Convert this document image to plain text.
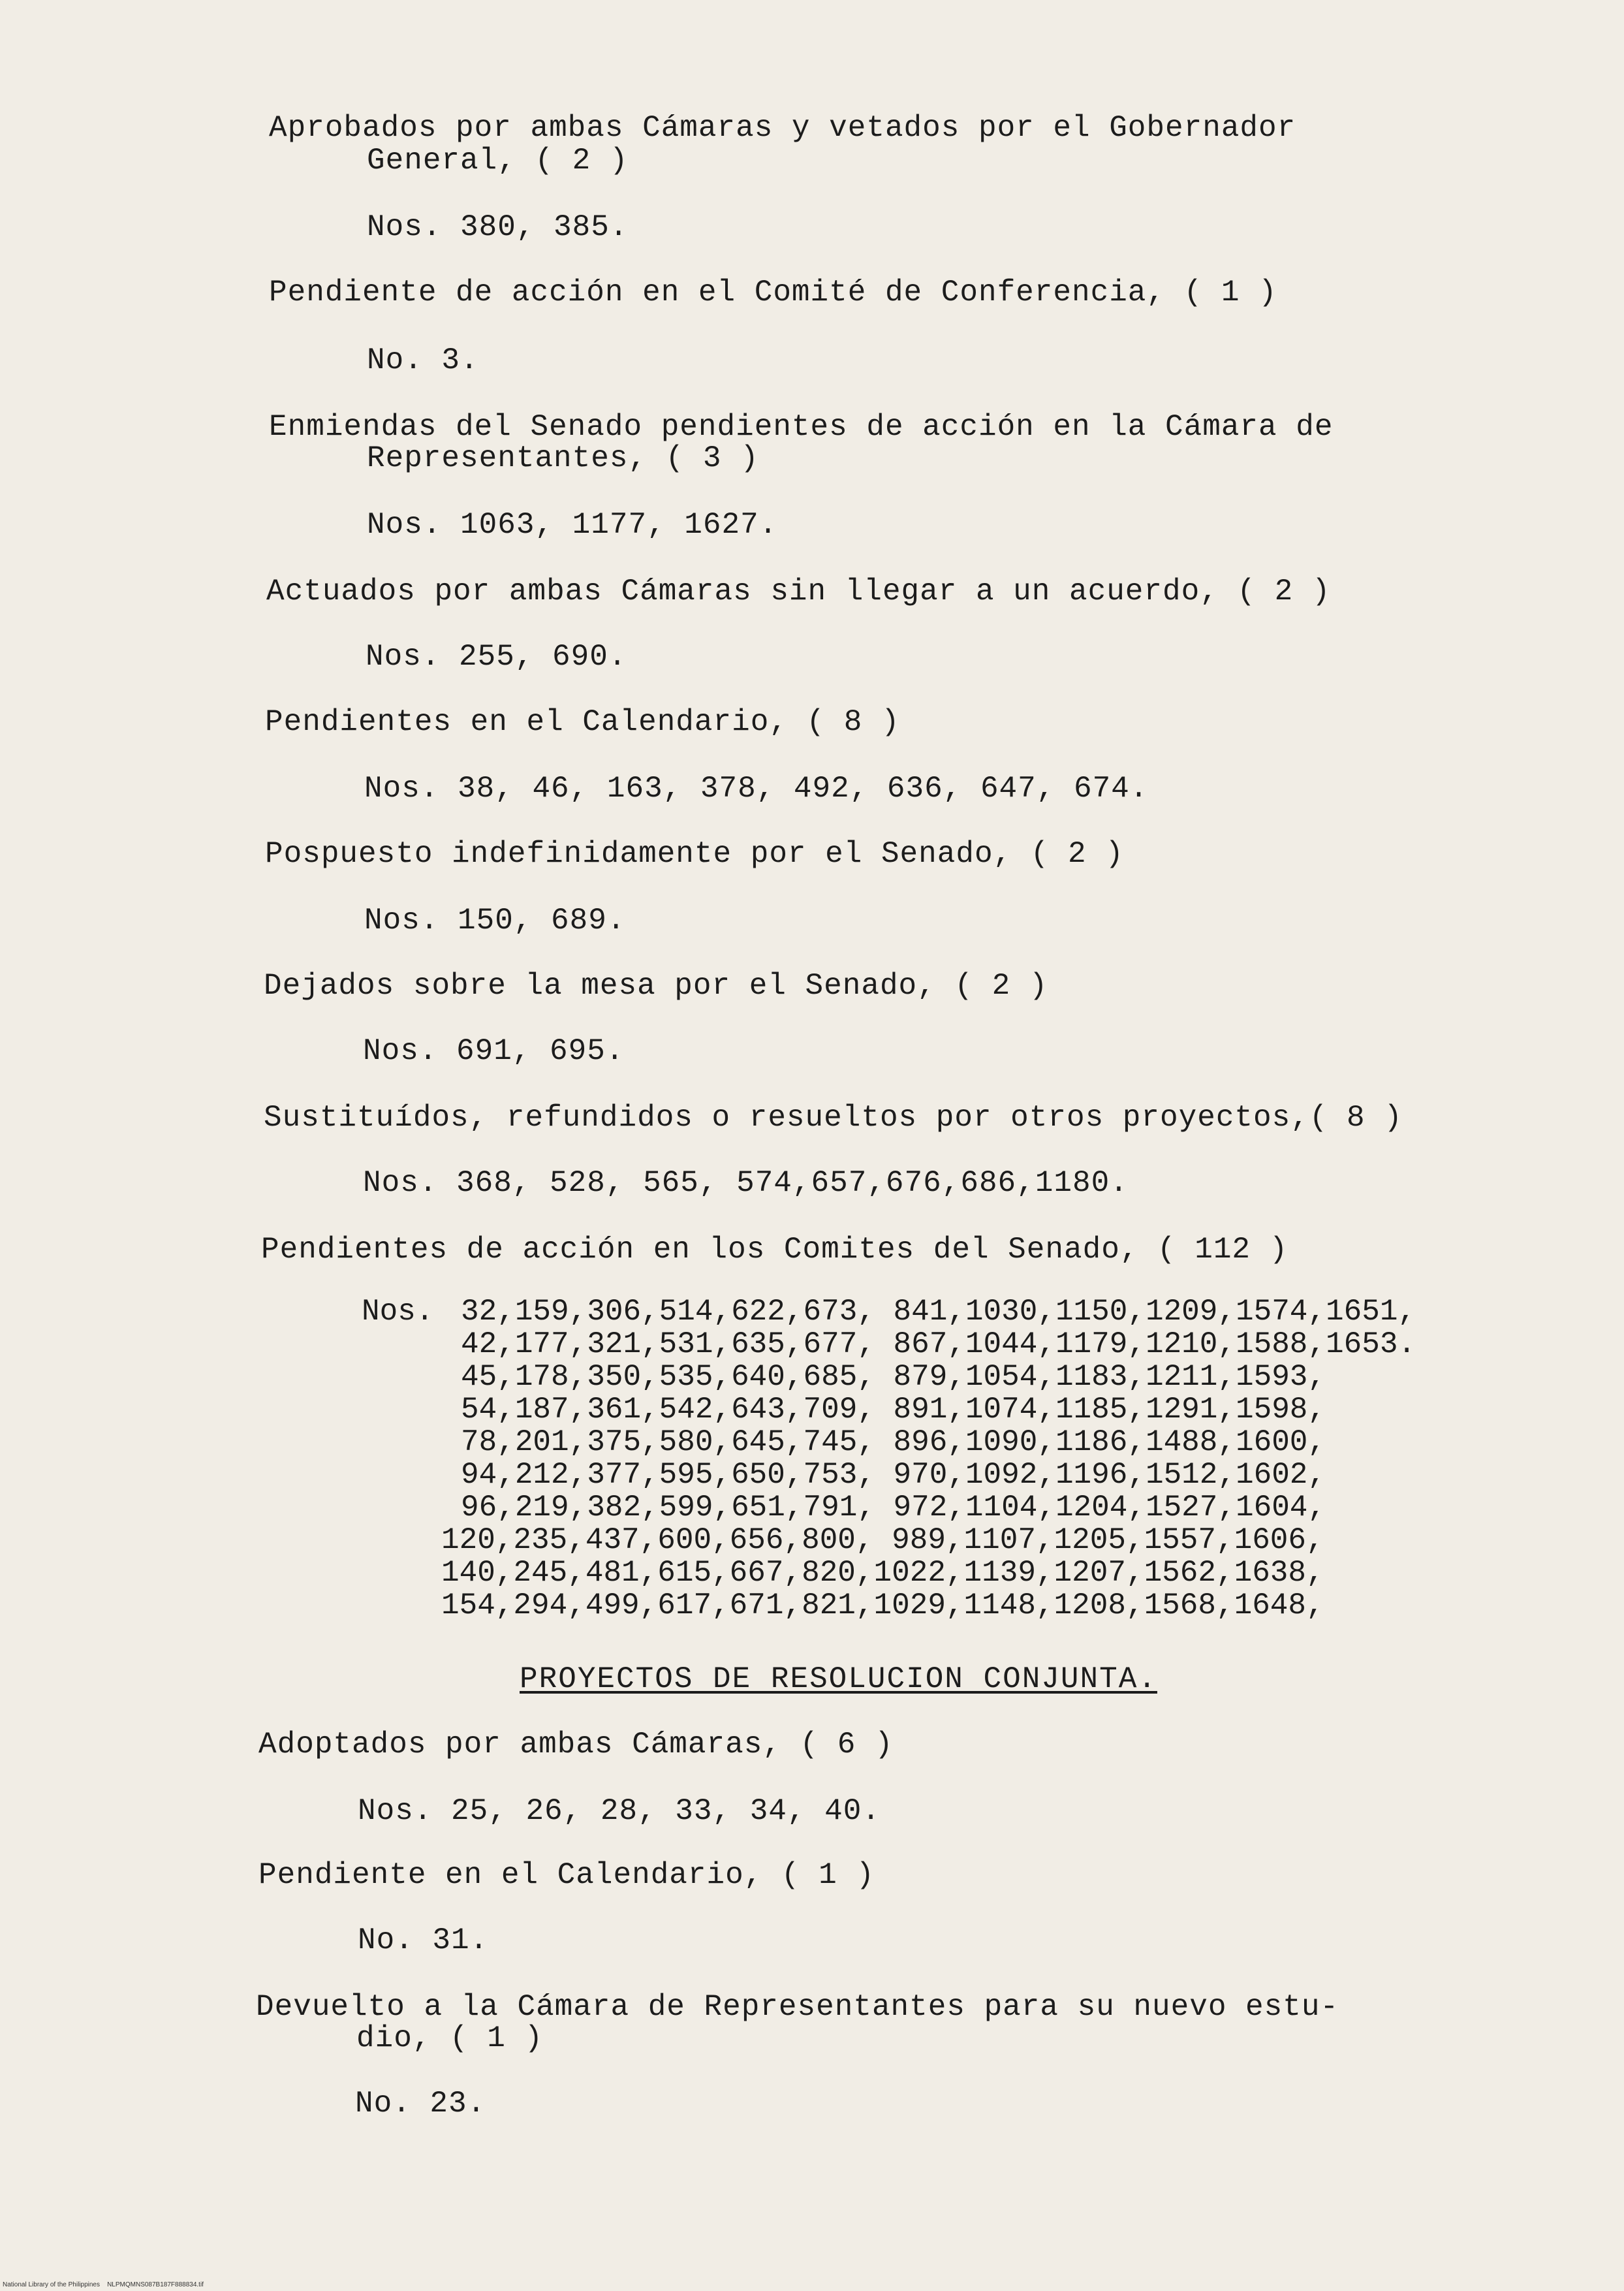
Aprobados por ambas Cámaras y vetados por el Gobernador
General, ( 2 )
Nos. 380, 385.
Pendiente de acción en el Comité de Conferencia, ( 1 )
No. 3.
Enmiendas del Senado pendientes de acción en la Cámara de
Representantes, ( 3 )
Nos. 1063, 1177, 1627.
Actuados por ambas Cámaras sin llegar a un acuerdo, ( 2 )
Nos. 255, 690.
Pendientes en el Calendario, ( 8 )
Nos. 38, 46, 163, 378, 492, 636, 647, 674.
Pospuesto indefinidamente por el Senado, ( 2 )
Nos. 150, 689.
Dejados sobre la mesa por el Senado, ( 2 )
Nos. 691, 695.
Sustituídos, refundidos o resueltos por otros proyectos,( 8 )
Nos. 368, 528, 565, 574,657,676,686,1180.
Pendientes de acción en los Comites del Senado, ( 112 )
Nos. 32,159,306,514,622,673, 841,1030,1150,1209,1574,1651,
42,177,321,531,635,677, 867,1044,1179,1210,1588,1653.
45,178,350,535,640,685, 879,1054,1183,1211,1593,
54,187,361,542,643,709, 891,1074,1185,1291,1598,
78,201,375,580,645,745, 896,1090,1186,1488,1600,
94,212,377,595,650,753, 970,1092,1196,1512,1602,
96,219,382,599,651,791, 972,1104,1204,1527,1604,
120,235,437,600,656,800, 989,1107,1205,1557,1606,
140,245,481,615,667,820,1022,1139,1207,1562,1638,
154,294,499,617,671,821,1029,1148,1208,1568,1648,
PROYECTOS DE RESOLUCION CONJUNTA.
Adoptados por ambas Cámaras, ( 6 )
Nos. 25, 26, 28, 33, 34, 40.
Pendiente en el Calendario, ( 1 )
No. 31.
Devuelto a la Cámara de Representantes para su nuevo estu-
dio, ( 1 )
No. 23.
National Library of the Philippines    NLPMQMNS087B187F888834.tif
